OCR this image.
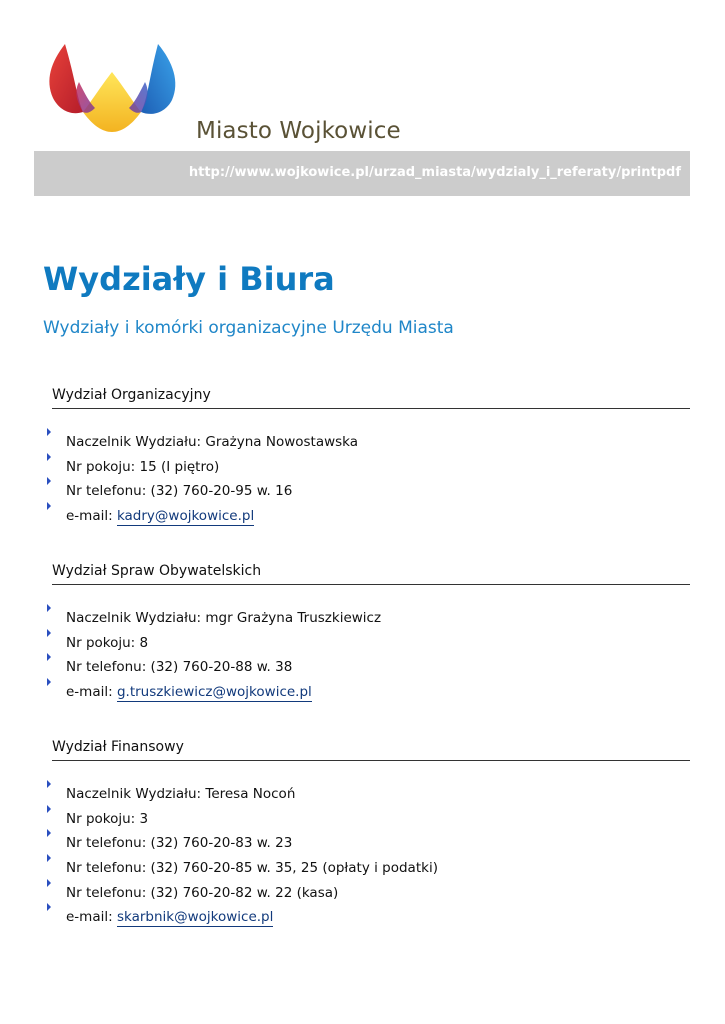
Miasto Wojkowice
http://www.wojkowice.pl/urzad_miasta/wydzialy_i_referaty/printpdf
Wydziały i Biura
Wydziały i komórki organizacyjne Urzędu Miasta
Wydział Organizacyjny
Naczelnik Wydziału: Grażyna Nowostawska
Nr pokoju: 15 (I piętro)
Nr telefonu: (32) 760-20-95 w. 16
e-mail: kadry@wojkowice.pl
Wydział Spraw Obywatelskich
Naczelnik Wydziału: mgr Grażyna Truszkiewicz
Nr pokoju: 8
Nr telefonu: (32) 760-20-88 w. 38
e-mail: g.truszkiewicz@wojkowice.pl
Wydział Finansowy
Naczelnik Wydziału: Teresa Nocoń
Nr pokoju: 3
Nr telefonu: (32) 760-20-83 w. 23
Nr telefonu: (32) 760-20-85 w. 35, 25 (opłaty i podatki)
Nr telefonu: (32) 760-20-82 w. 22 (kasa)
e-mail: skarbnik@wojkowice.pl
